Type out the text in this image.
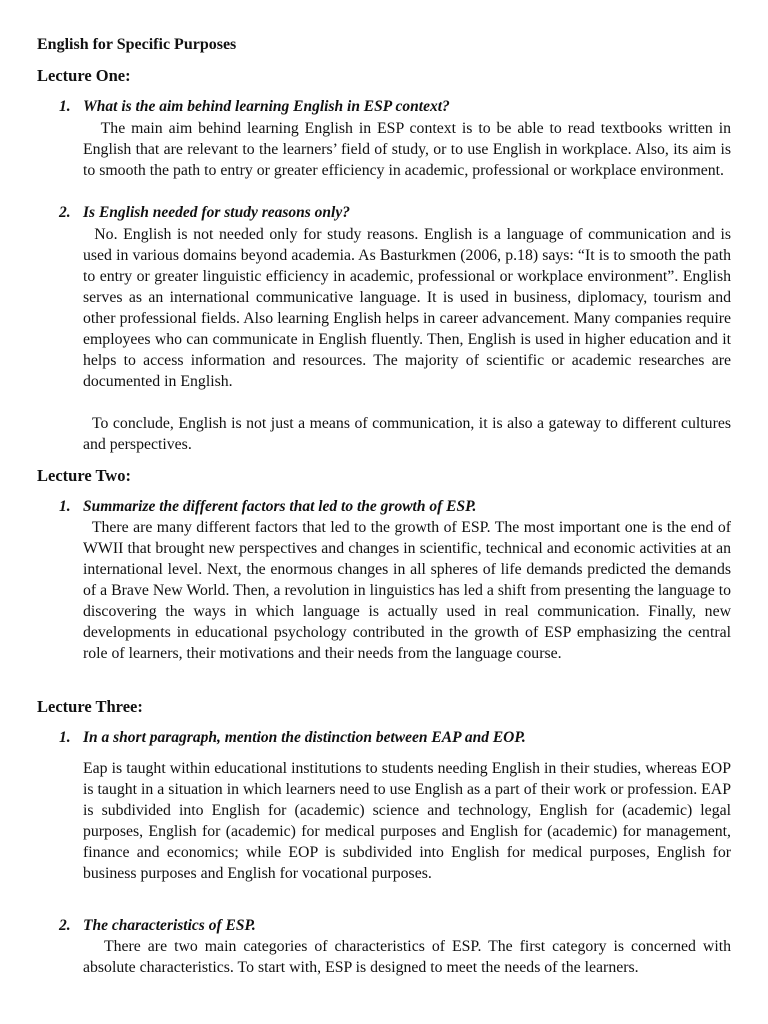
English for Specific Purposes
Lecture One:
1. What is the aim behind learning English in ESP context?

The main aim behind learning English in ESP context is to be able to read textbooks written in English that are relevant to the learners’ field of study, or to use English in workplace. Also, its aim is to smooth the path to entry or greater efficiency in academic, professional or workplace environment.

2. Is English needed for study reasons only?

No. English is not needed only for study reasons. English is a language of communication and is used in various domains beyond academia. As Basturkmen (2006, p.18) says: “It is to smooth the path to entry or greater linguistic efficiency in academic, professional or workplace environment”. English serves as an international communicative language. It is used in business, diplomacy, tourism and other professional fields. Also learning English helps in career advancement. Many companies require employees who can communicate in English fluently. Then, English is used in higher education and it helps to access information and resources. The majority of scientific or academic researches are documented in English.

To conclude, English is not just a means of communication, it is also a gateway to different cultures and perspectives.

Lecture Two:
1. Summarize the different factors that led to the growth of ESP.

There are many different factors that led to the growth of ESP. The most important one is the end of WWII that brought new perspectives and changes in scientific, technical and economic activities at an international level. Next, the enormous changes in all spheres of life demands predicted the demands of a Brave New World. Then, a revolution in linguistics has led a shift from presenting the language to discovering the ways in which language is actually used in real communication. Finally, new developments in educational psychology contributed in the growth of ESP emphasizing the central role of learners, their motivations and their needs from the language course.

Lecture Three:
1. In a short paragraph, mention the distinction between EAP and EOP.

Eap is taught within educational institutions to students needing English in their studies, whereas EOP is taught in a situation in which learners need to use English as a part of their work or profession. EAP is subdivided into English for (academic) science and technology, English for (academic) legal purposes, English for (academic) for medical purposes and English for (academic) for management, finance and economics; while EOP is subdivided into English for medical purposes, English for business purposes and English for vocational purposes.

2. The characteristics of ESP.

There are two main categories of characteristics of ESP. The first category is concerned with absolute characteristics. To start with, ESP is designed to meet the needs of the learners.
